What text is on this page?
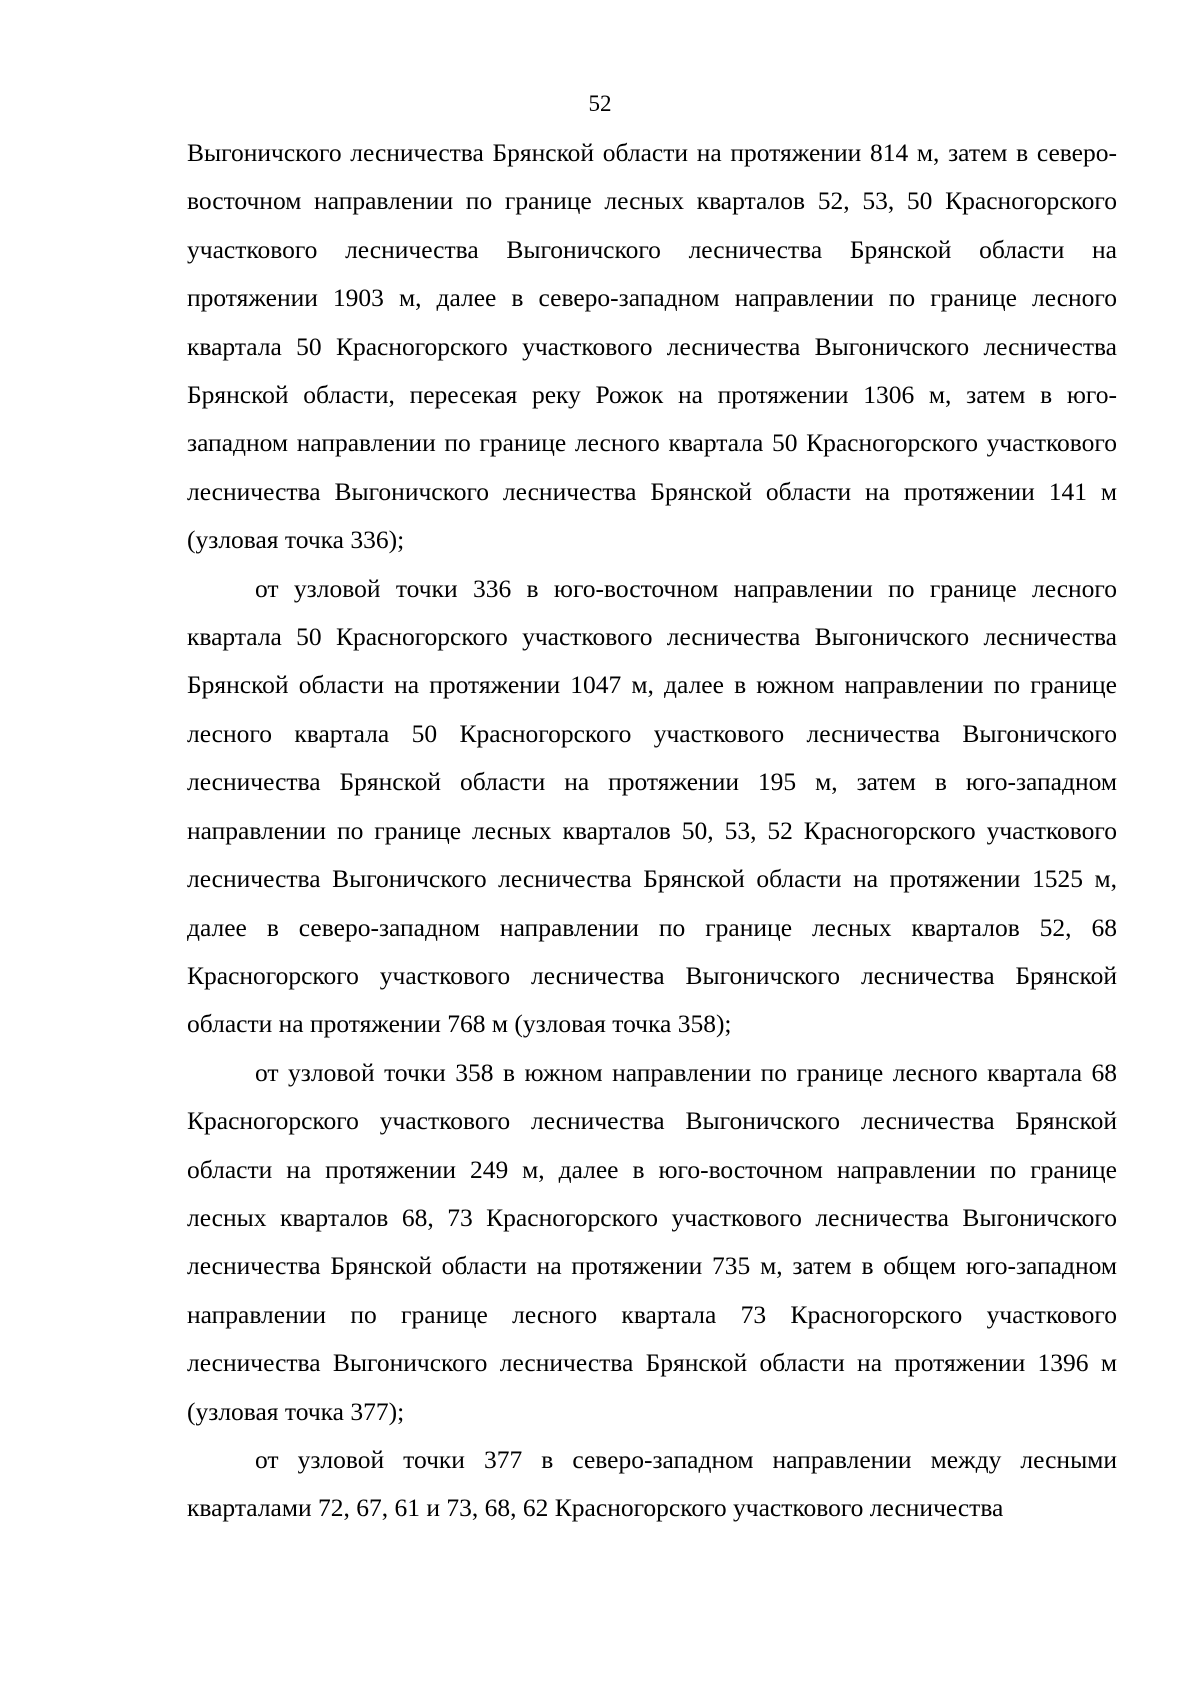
52

Выгоничского лесничества Брянской области на протяжении 814 м, затем в северо-восточном направлении по границе лесных кварталов 52, 53, 50 Красногорского участкового лесничества Выгоничского лесничества Брянской области на протяжении 1903 м, далее в северо-западном направлении по границе лесного квартала 50 Красногорского участкового лесничества Выгоничского лесничества Брянской области, пересекая реку Рожок на протяжении 1306 м, затем в юго-западном направлении по границе лесного квартала 50 Красногорского участкового лесничества Выгоничского лесничества Брянской области на протяжении 141 м (узловая точка 336);

от узловой точки 336 в юго-восточном направлении по границе лесного квартала 50 Красногорского участкового лесничества Выгоничского лесничества Брянской области на протяжении 1047 м, далее в южном направлении по границе лесного квартала 50 Красногорского участкового лесничества Выгоничского лесничества Брянской области на протяжении 195 м, затем в юго-западном направлении по границе лесных кварталов 50, 53, 52 Красногорского участкового лесничества Выгоничского лесничества Брянской области на протяжении 1525 м, далее в северо-западном направлении по границе лесных кварталов 52, 68 Красногорского участкового лесничества Выгоничского лесничества Брянской области на протяжении 768 м (узловая точка 358);

от узловой точки 358 в южном направлении по границе лесного квартала 68 Красногорского участкового лесничества Выгоничского лесничества Брянской области на протяжении 249 м, далее в юго-восточном направлении по границе лесных кварталов 68, 73 Красногорского участкового лесничества Выгоничского лесничества Брянской области на протяжении 735 м, затем в общем юго-западном направлении по границе лесного квартала 73 Красногорского участкового лесничества Выгоничского лесничества Брянской области на протяжении 1396 м (узловая точка 377);

от узловой точки 377 в северо-западном направлении между лесными кварталами 72, 67, 61 и 73, 68, 62 Красногорского участкового лесничества
